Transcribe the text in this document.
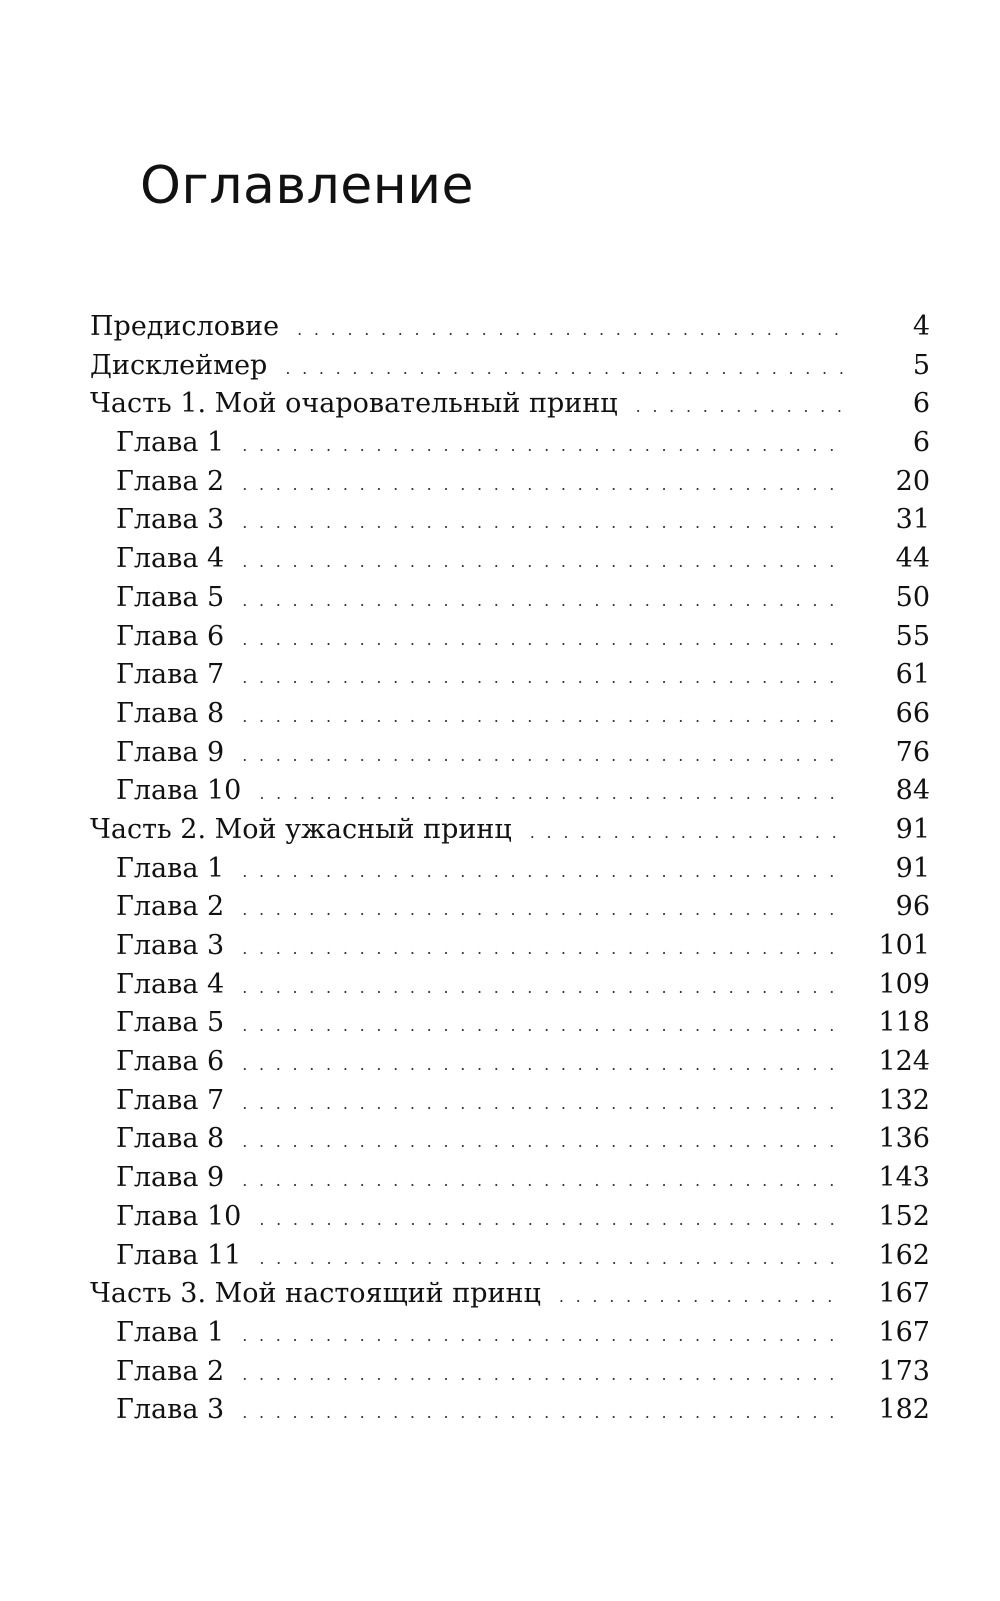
Оглавление
Предисловие . . .	4
Дисклеймер . . .	5
Часть 1. Мой очаровательный принц . . .	6
Глава 1 . . .	6
Глава 2 . . .	20
Глава 3 . . .	31
Глава 4 . . .	44
Глава 5 . . .	50
Глава 6 . . .	55
Глава 7 . . .	61
Глава 8 . . .	66
Глава 9 . . .	76
Глава 10 . . .	84
Часть 2. Мой ужасный принц . . .	91
Глава 1 . . .	91
Глава 2 . . .	96
Глава 3 . . .	101
Глава 4 . . .	109
Глава 5 . . .	118
Глава 6 . . .	124
Глава 7 . . .	132
Глава 8 . . .	136
Глава 9 . . .	143
Глава 10 . . .	152
Глава 11 . . .	162
Часть 3. Мой настоящий принц . . .	167
Глава 1 . . .	167
Глава 2 . . .	173
Глава 3 . . .	182
